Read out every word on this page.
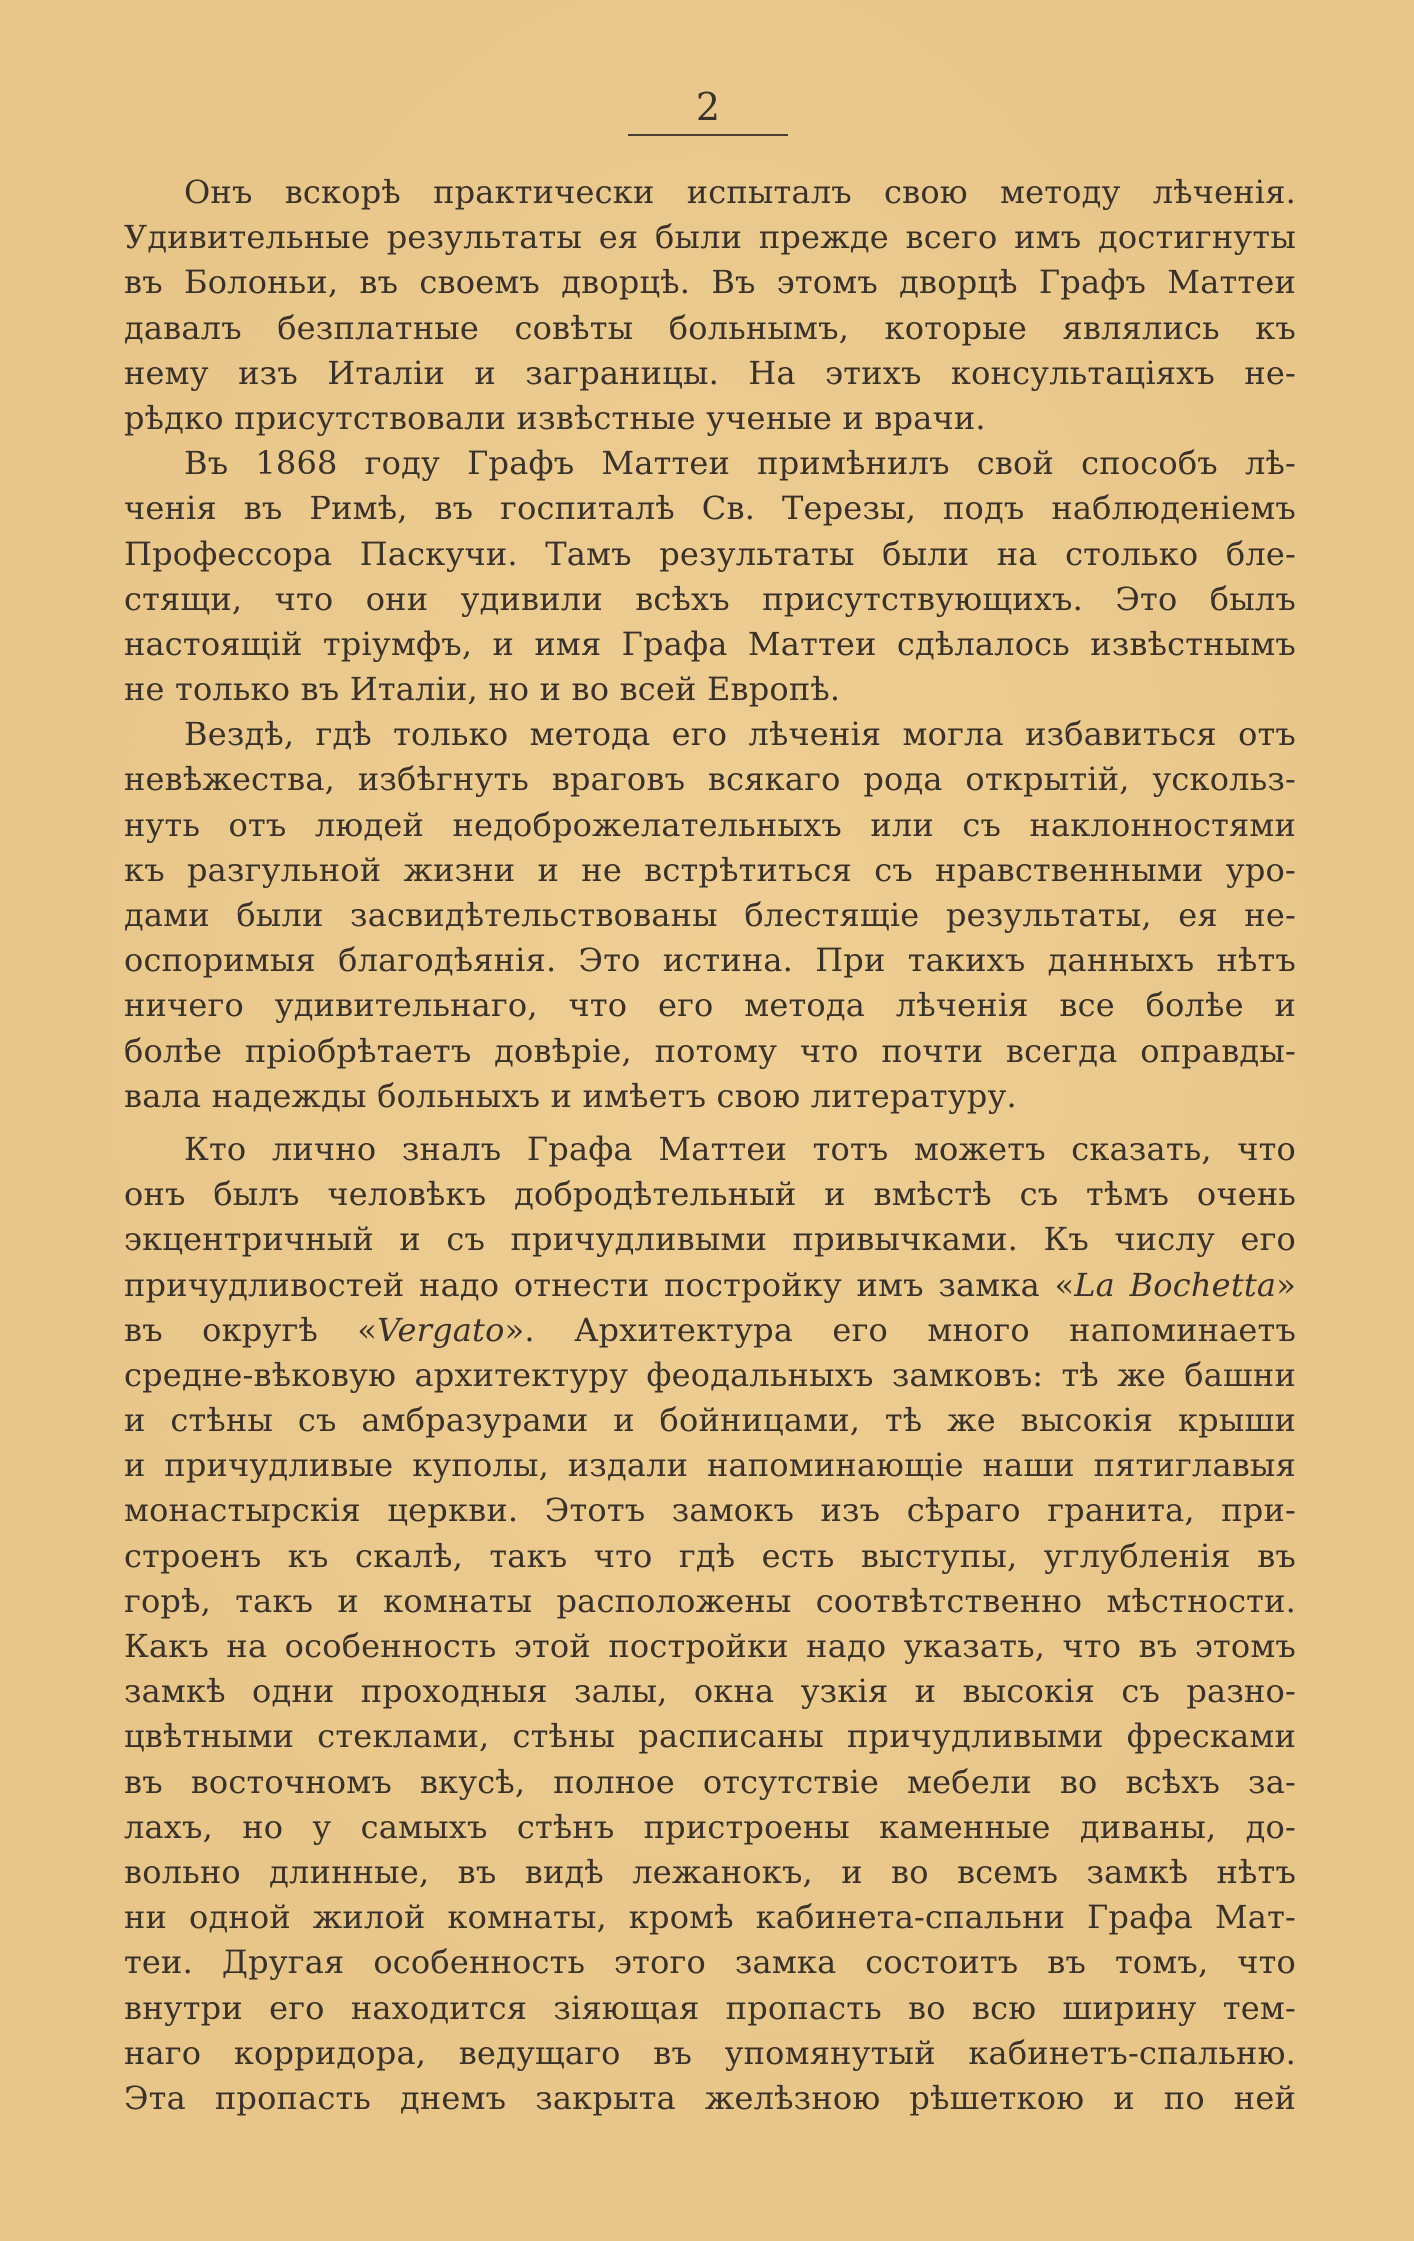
2
Онъ вскорѣ практически испыталъ свою методу лѣченія.
Удивительные результаты ея были прежде всего имъ достигнуты
въ Болоньи, въ своемъ дворцѣ. Въ этомъ дворцѣ Графъ Маттеи
давалъ безплатные совѣты больнымъ, которые являлись къ
нему изъ Италіи и заграницы. На этихъ консультаціяхъ не-
рѣдко присутствовали извѣстные ученые и врачи.
Въ 1868 году Графъ Маттеи примѣнилъ свой способъ лѣ-
ченія въ Римѣ, въ госпиталѣ Св. Терезы, подъ наблюденіемъ
Профессора Паскучи. Тамъ результаты были на столько бле-
стящи, что они удивили всѣхъ присутствующихъ. Это былъ
настоящій тріумфъ, и имя Графа Маттеи сдѣлалось извѣстнымъ
не только въ Италіи, но и во всей Европѣ.
Вездѣ, гдѣ только метода его лѣченія могла избавиться отъ
невѣжества, избѣгнуть враговъ всякаго рода открытій, ускольз-
нуть отъ людей недоброжелательныхъ или съ наклонностями
къ разгульной жизни и не встрѣтиться съ нравственными уро-
дами были засвидѣтельствованы блестящіе результаты, ея не-
оспоримыя благодѣянія. Это истина. При такихъ данныхъ нѣтъ
ничего удивительнаго, что его метода лѣченія все болѣе и
болѣе пріобрѣтаетъ довѣріе, потому что почти всегда оправды-
вала надежды больныхъ и имѣетъ свою литературу.
Кто лично зналъ Графа Маттеи тотъ можетъ сказать, что
онъ былъ человѣкъ добродѣтельный и вмѣстѣ съ тѣмъ очень
экцентричный и съ причудливыми привычками. Къ числу его
причудливостей надо отнести постройку имъ замка «La Bochetta»
въ округѣ «Vergato». Архитектура его много напоминаетъ
средне-вѣковую архитектуру феодальныхъ замковъ: тѣ же башни
и стѣны съ амбразурами и бойницами, тѣ же высокія крыши
и причудливые куполы, издали напоминающіе наши пятиглавыя
монастырскія церкви. Этотъ замокъ изъ сѣраго гранита, при-
строенъ къ скалѣ, такъ что гдѣ есть выступы, углубленія въ
горѣ, такъ и комнаты расположены соотвѣтственно мѣстности.
Какъ на особенность этой постройки надо указать, что въ этомъ
замкѣ одни проходныя залы, окна узкія и высокія съ разно-
цвѣтными стеклами, стѣны расписаны причудливыми фресками
въ восточномъ вкусѣ, полное отсутствіе мебели во всѣхъ за-
лахъ, но у самыхъ стѣнъ пристроены каменные диваны, до-
вольно длинные, въ видѣ лежанокъ, и во всемъ замкѣ нѣтъ
ни одной жилой комнаты, кромѣ кабинета-спальни Графа Мат-
теи. Другая особенность этого замка состоитъ въ томъ, что
внутри его находится зіяющая пропасть во всю ширину тем-
наго корридора, ведущаго въ упомянутый кабинетъ-спальню.
Эта пропасть днемъ закрыта желѣзною рѣшеткою и по ней
